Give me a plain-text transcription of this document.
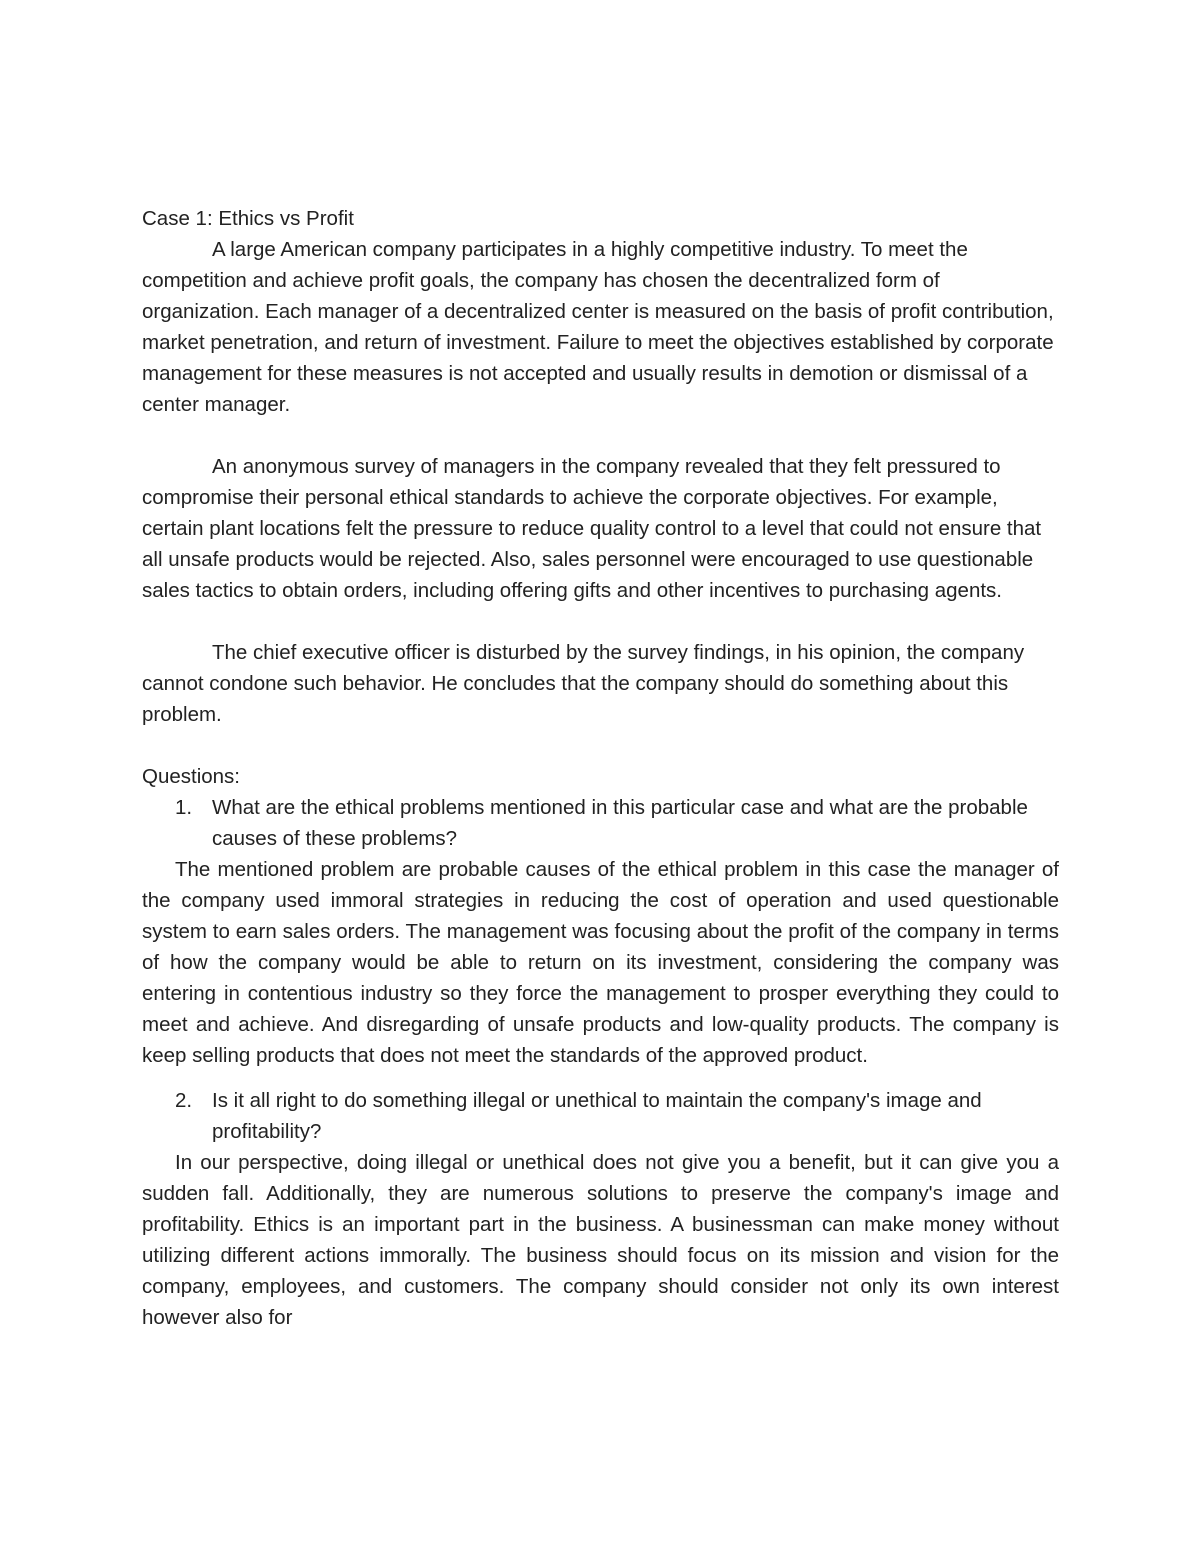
Case 1: Ethics vs Profit

A large American company participates in a highly competitive industry. To meet the competition and achieve profit goals, the company has chosen the decentralized form of organization. Each manager of a decentralized center is measured on the basis of profit contribution, market penetration, and return of investment. Failure to meet the objectives established by corporate management for these measures is not accepted and usually results in demotion or dismissal of a center manager.

An anonymous survey of managers in the company revealed that they felt pressured to compromise their personal ethical standards to achieve the corporate objectives. For example, certain plant locations felt the pressure to reduce quality control to a level that could not ensure that all unsafe products would be rejected. Also, sales personnel were encouraged to use questionable sales tactics to obtain orders, including offering gifts and other incentives to purchasing agents.

The chief executive officer is disturbed by the survey findings, in his opinion, the company cannot condone such behavior. He concludes that the company should do something about this problem.

Questions:

1. What are the ethical problems mentioned in this particular case and what are the probable causes of these problems?

The mentioned problem are probable causes of the ethical problem in this case the manager of the company used immoral strategies in reducing the cost of operation and used questionable system to earn sales orders. The management was focusing about the profit of the company in terms of how the company would be able to return on its investment, considering the company was entering in contentious industry so they force the management to prosper everything they could to meet and achieve. And disregarding of unsafe products and low-quality products. The company is keep selling products that does not meet the standards of the approved product.

2. Is it all right to do something illegal or unethical to maintain the company's image and profitability?

In our perspective, doing illegal or unethical does not give you a benefit, but it can give you a sudden fall. Additionally, they are numerous solutions to preserve the company's image and profitability. Ethics is an important part in the business. A businessman can make money without utilizing different actions immorally. The business should focus on its mission and vision for the company, employees, and customers. The company should consider not only its own interest however also for
